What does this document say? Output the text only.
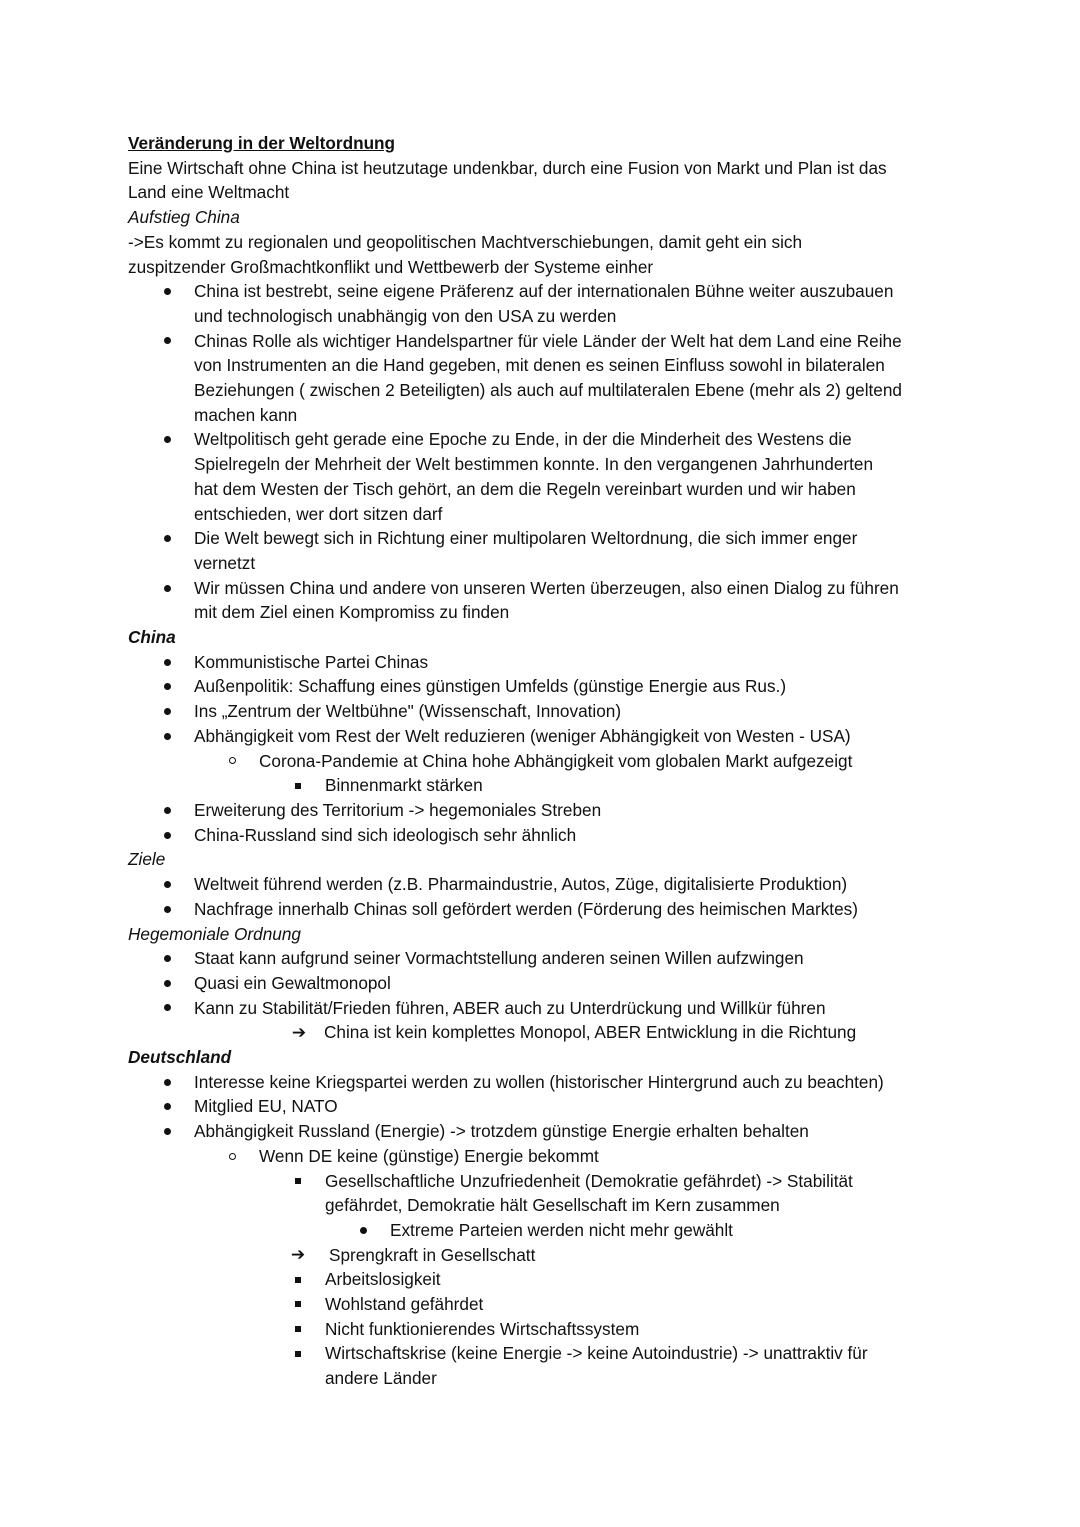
Veränderung in der Weltordnung
Eine Wirtschaft ohne China ist heutzutage undenkbar, durch eine Fusion von Markt und Plan ist das
Land eine Weltmacht
Aufstieg China
->Es kommt zu regionalen und geopolitischen Machtverschiebungen, damit geht ein sich
zuspitzender Großmachtkonflikt und Wettbewerb der Systeme einher
China ist bestrebt, seine eigene Präferenz auf der internationalen Bühne weiter auszubauen
und technologisch unabhängig von den USA zu werden
Chinas Rolle als wichtiger Handelspartner für viele Länder der Welt hat dem Land eine Reihe
von Instrumenten an die Hand gegeben, mit denen es seinen Einfluss sowohl in bilateralen
Beziehungen ( zwischen 2 Beteiligten) als auch auf multilateralen Ebene (mehr als 2) geltend
machen kann
Weltpolitisch geht gerade eine Epoche zu Ende, in der die Minderheit des Westens die
Spielregeln der Mehrheit der Welt bestimmen konnte. In den vergangenen Jahrhunderten
hat dem Westen der Tisch gehört, an dem die Regeln vereinbart wurden und wir haben
entschieden, wer dort sitzen darf
Die Welt bewegt sich in Richtung einer multipolaren Weltordnung, die sich immer enger
vernetzt
Wir müssen China und andere von unseren Werten überzeugen, also einen Dialog zu führen
mit dem Ziel einen Kompromiss zu finden
China
Kommunistische Partei Chinas
Außenpolitik: Schaffung eines günstigen Umfelds (günstige Energie aus Rus.)
Ins „Zentrum der Weltbühne" (Wissenschaft, Innovation)
Abhängigkeit vom Rest der Welt reduzieren (weniger Abhängigkeit von Westen - USA)
Corona-Pandemie at China hohe Abhängigkeit vom globalen Markt aufgezeigt
Binnenmarkt stärken
Erweiterung des Territorium -> hegemoniales Streben
China-Russland sind sich ideologisch sehr ähnlich
Ziele
Weltweit führend werden (z.B. Pharmaindustrie, Autos, Züge, digitalisierte Produktion)
Nachfrage innerhalb Chinas soll gefördert werden (Förderung des heimischen Marktes)
Hegemoniale Ordnung
Staat kann aufgrund seiner Vormachtstellung anderen seinen Willen aufzwingen
Quasi ein Gewaltmonopol
Kann zu Stabilität/Frieden führen, ABER auch zu Unterdrückung und Willkür führen
➔ China ist kein komplettes Monopol, ABER Entwicklung in die Richtung
Deutschland
Interesse keine Kriegspartei werden zu wollen (historischer Hintergrund auch zu beachten)
Mitglied EU, NATO
Abhängigkeit Russland (Energie) -> trotzdem günstige Energie erhalten behalten
Wenn DE keine (günstige) Energie bekommt
Gesellschaftliche Unzufriedenheit (Demokratie gefährdet) -> Stabilität
gefährdet, Demokratie hält Gesellschaft im Kern zusammen
Extreme Parteien werden nicht mehr gewählt
➔ Sprengkraft in Gesellschatt
Arbeitslosigkeit
Wohlstand gefährdet
Nicht funktionierendes Wirtschaftssystem
Wirtschaftskrise (keine Energie -> keine Autoindustrie) -> unattraktiv für
andere Länder
